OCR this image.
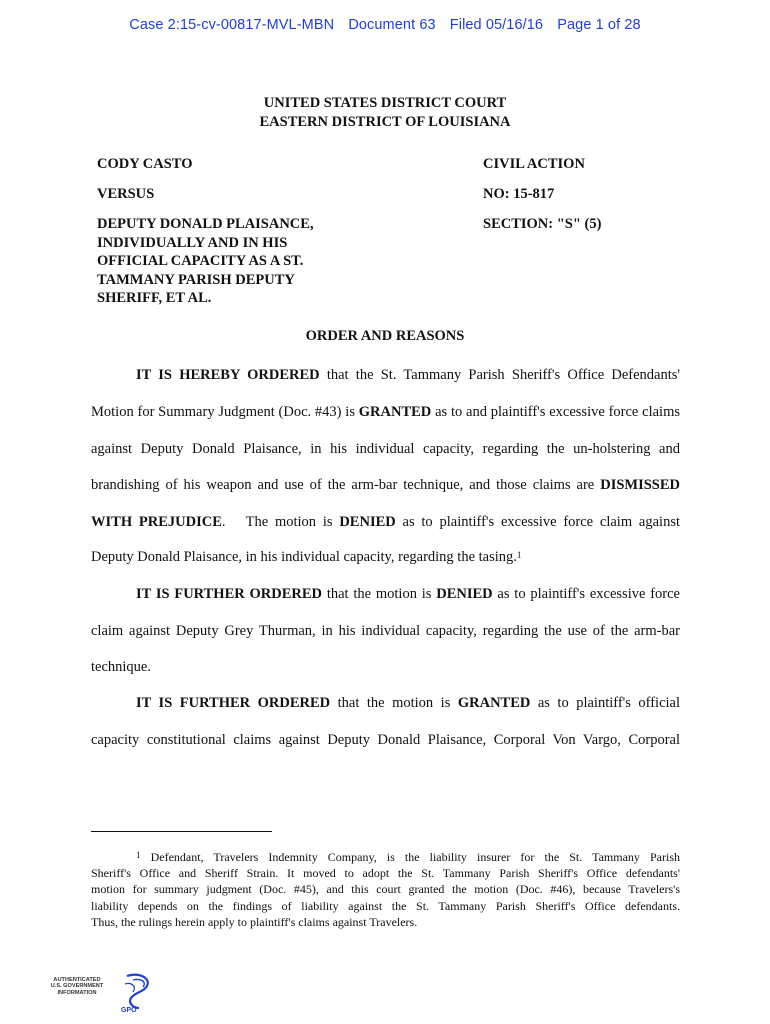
Case 2:15-cv-00817-MVL-MBN Document 63 Filed 05/16/16 Page 1 of 28
UNITED STATES DISTRICT COURT
EASTERN DISTRICT OF LOUISIANA
CODY CASTO
VERSUS
DEPUTY DONALD PLAISANCE,
INDIVIDUALLY AND IN HIS
OFFICIAL CAPACITY AS A ST.
TAMMANY PARISH DEPUTY
SHERIFF, ET AL.
CIVIL ACTION
NO: 15-817
SECTION: "S" (5)
ORDER AND REASONS
IT IS HEREBY ORDERED that the St. Tammany Parish Sheriff's Office Defendants'
Motion for Summary Judgment (Doc. #43) is GRANTED as to and plaintiff's excessive force claims
against Deputy Donald Plaisance, in his individual capacity, regarding the un-holstering and
brandishing of his weapon and use of the arm-bar technique, and those claims are DISMISSED
WITH PREJUDICE.   The motion is DENIED as to plaintiff's excessive force claim against
Deputy Donald Plaisance, in his individual capacity, regarding the tasing.$^1$
IT IS FURTHER ORDERED that the motion is DENIED as to plaintiff's excessive force
claim against Deputy Grey Thurman, in his individual capacity, regarding the use of the arm-bar
technique.
IT IS FURTHER ORDERED that the motion is GRANTED as to plaintiff's official
capacity constitutional claims against Deputy Donald Plaisance, Corporal Von Vargo, Corporal
$^1$ Defendant, Travelers Indemnity Company, is the liability insurer for the St. Tammany Parish
Sheriff's Office and Sheriff Strain. It moved to adopt the St. Tammany Parish Sheriff's Office defendants'
motion for summary judgment (Doc. #45), and this court granted the motion (Doc. #46), because Travelers's
liability depends on the findings of liability against the St. Tammany Parish Sheriff's Office defendants.
Thus, the rulings herein apply to plaintiff's claims against Travelers.
AUTHENTICATED
U.S. GOVERNMENT
INFORMATION
GPO
